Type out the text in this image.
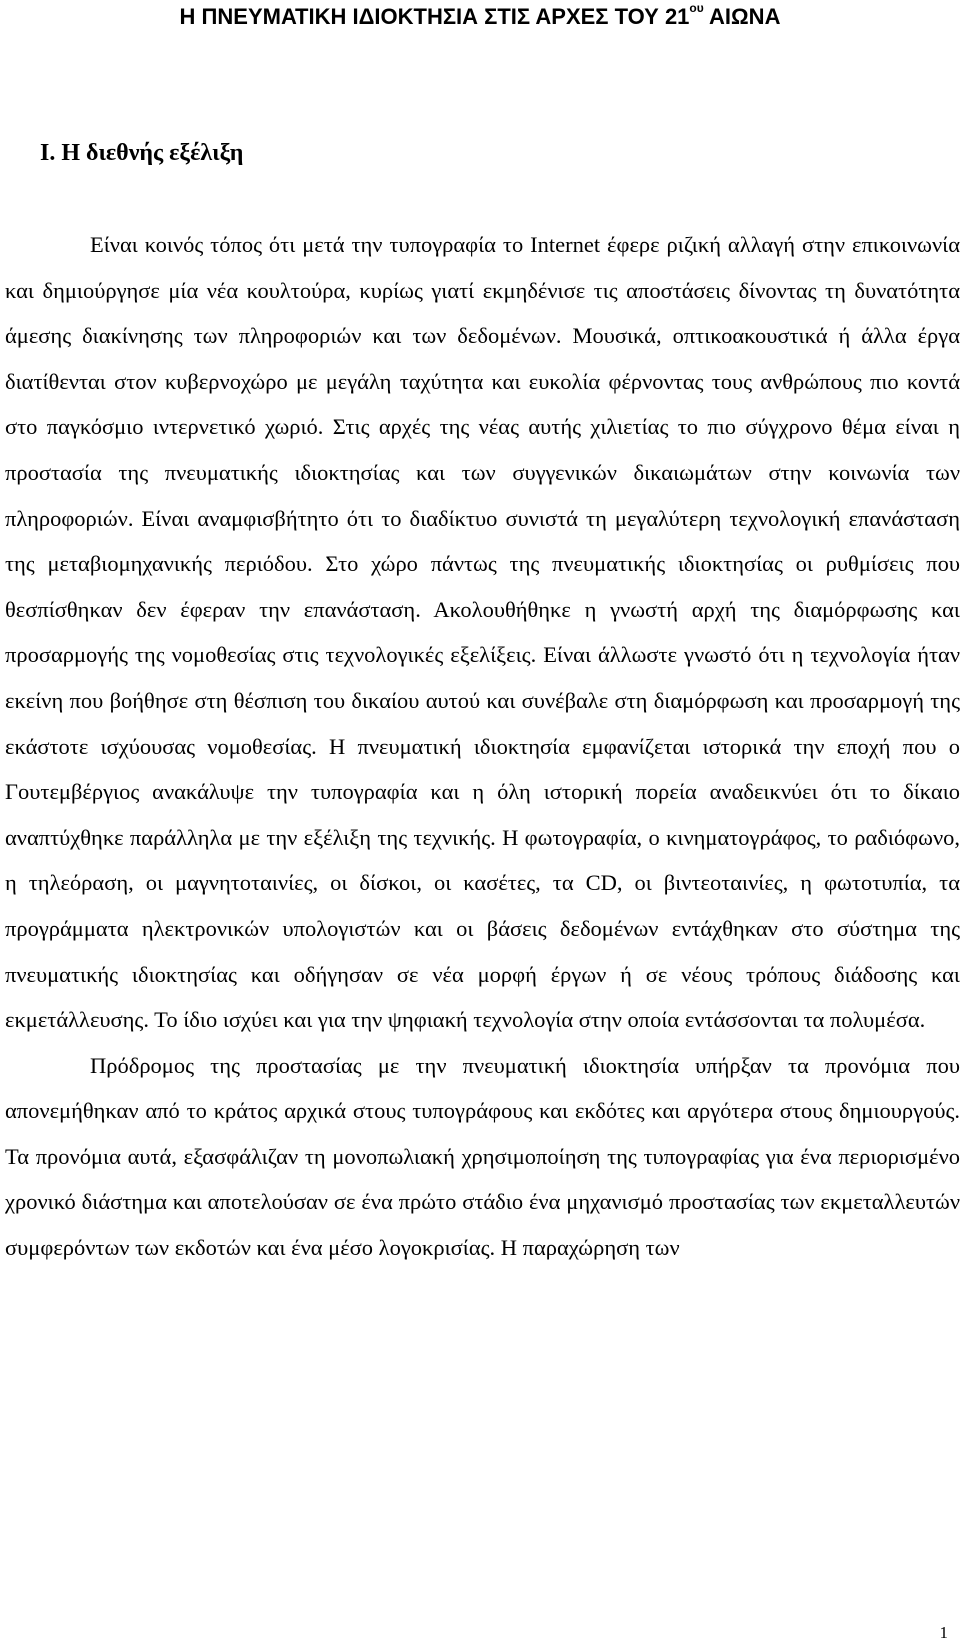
Η ΠΝΕΥΜΑΤΙΚΗ ΙΔΙΟΚΤΗΣΙΑ ΣΤΙΣ ΑΡΧΕΣ ΤΟΥ $21^{o\upsilon}$ ΑΙΩΝΑ
Ι. Η διεθνής εξέλιξη

Είναι κοινός τόπος ότι μετά την τυπογραφία το Internet έφερε ριζική αλλαγή στην επικοινωνία και δημιούργησε μία νέα κουλτούρα, κυρίως γιατί εκμηδένισε τις αποστάσεις δίνοντας τη δυνατότητα άμεσης διακίνησης των πληροφοριών και των δεδομένων. Μουσικά, οπτικοακουστικά ή άλλα έργα διατίθενται στον κυβερνοχώρο με μεγάλη ταχύτητα και ευκολία φέρνοντας τους ανθρώπους πιο κοντά στο παγκόσμιο ιντερνετικό χωριό. Στις αρχές της νέας αυτής χιλιετίας το πιο σύγχρονο θέμα είναι η προστασία της πνευματικής ιδιοκτησίας και των συγγενικών δικαιωμάτων στην κοινωνία των πληροφοριών. Είναι αναμφισβήτητο ότι το διαδίκτυο συνιστά τη μεγαλύτερη τεχνολογική επανάσταση της μεταβιομηχανικής περιόδου. Στο χώρο πάντως της πνευματικής ιδιοκτησίας οι ρυθμίσεις που θεσπίσθηκαν δεν έφεραν την επανάσταση. Ακολουθήθηκε η γνωστή αρχή της διαμόρφωσης και προσαρμογής της νομοθεσίας στις τεχνολογικές εξελίξεις. Είναι άλλωστε γνωστό ότι η τεχνολογία ήταν εκείνη που βοήθησε στη θέσπιση του δικαίου αυτού και συνέβαλε στη διαμόρφωση και προσαρμογή της εκάστοτε ισχύουσας νομοθεσίας. Η πνευματική ιδιοκτησία εμφανίζεται ιστορικά την εποχή που ο Γουτεμβέργιος ανακάλυψε την τυπογραφία και η όλη ιστορική πορεία αναδεικνύει ότι το δίκαιο αναπτύχθηκε παράλληλα με την εξέλιξη της τεχνικής. Η φωτογραφία, ο κινηματογράφος, το ραδιόφωνο, η τηλεόραση, οι μαγνητοταινίες, οι δίσκοι, οι κασέτες, τα CD, οι βιντεοταινίες, η φωτοτυπία, τα προγράμματα ηλεκτρονικών υπολογιστών και οι βάσεις δεδομένων εντάχθηκαν στο σύστημα της πνευματικής ιδιοκτησίας και οδήγησαν σε νέα μορφή έργων ή σε νέους τρόπους διάδοσης και εκμετάλλευσης. Το ίδιο ισχύει και για την ψηφιακή τεχνολογία στην οποία εντάσσονται τα πολυμέσα.

Πρόδρομος της προστασίας με την πνευματική ιδιοκτησία υπήρξαν τα προνόμια που απονεμήθηκαν από το κράτος αρχικά στους τυπογράφους και εκδότες και αργότερα στους δημιουργούς. Τα προνόμια αυτά, εξασφάλιζαν τη μονοπωλιακή χρησιμοποίηση της τυπογραφίας για ένα περιορισμένο χρονικό διάστημα και αποτελούσαν σε ένα πρώτο στάδιο ένα μηχανισμό προστασίας των εκμεταλλευτών συμφερόντων των εκδοτών και ένα μέσο λογοκρισίας. Η παραχώρηση των

1
